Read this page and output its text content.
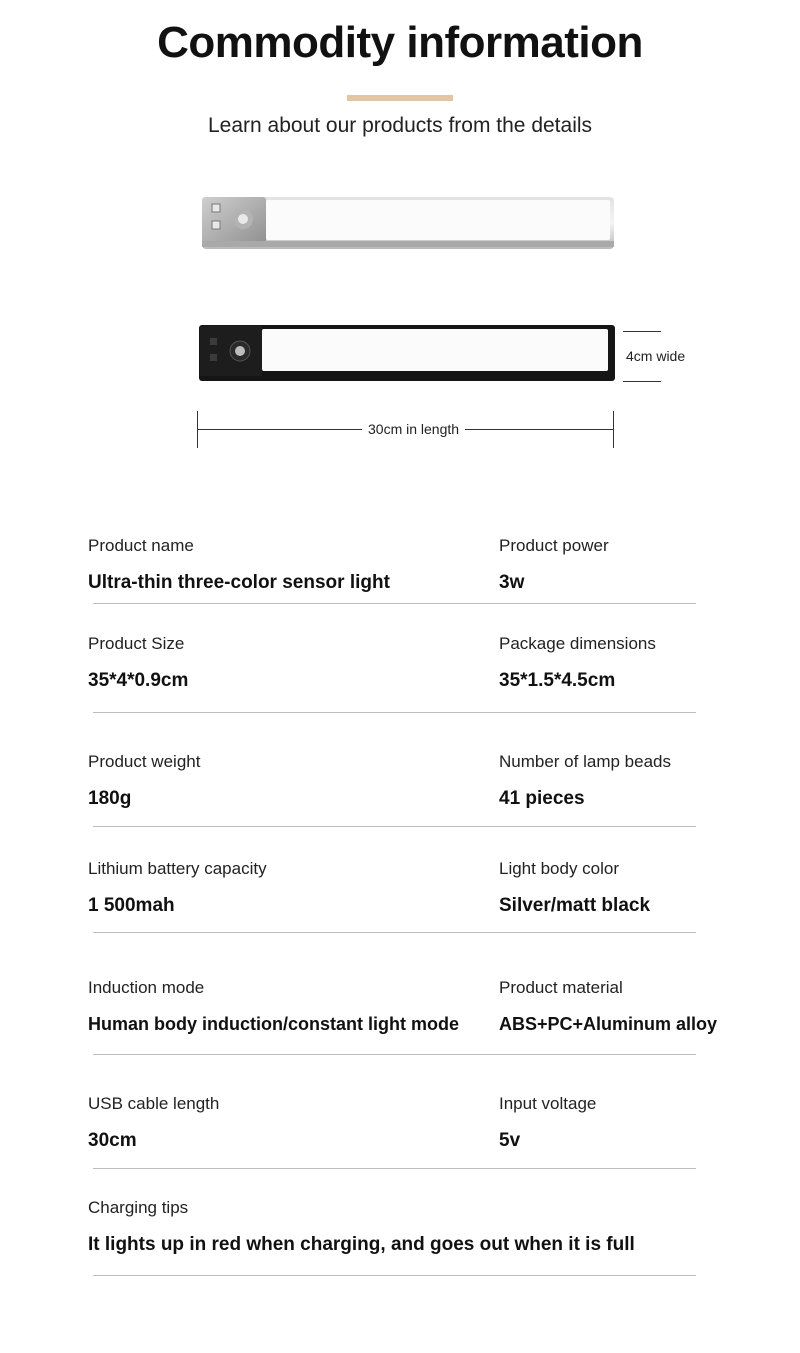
Commodity information
Learn about our products from the details
4cm wide
30cm in length
Product name
Ultra-thin three-color sensor light
Product power
3w
Product Size
35*4*0.9cm
Package dimensions
35*1.5*4.5cm
Product weight
180g
Number of lamp beads
41 pieces
Lithium battery capacity
1 500mah
Light body color
Silver/matt black
Induction mode
Human body induction/constant light mode
Product material
ABS+PC+Aluminum alloy
USB cable length
30cm
Input voltage
5v
Charging tips
It lights up in red when charging, and goes out when it is full
